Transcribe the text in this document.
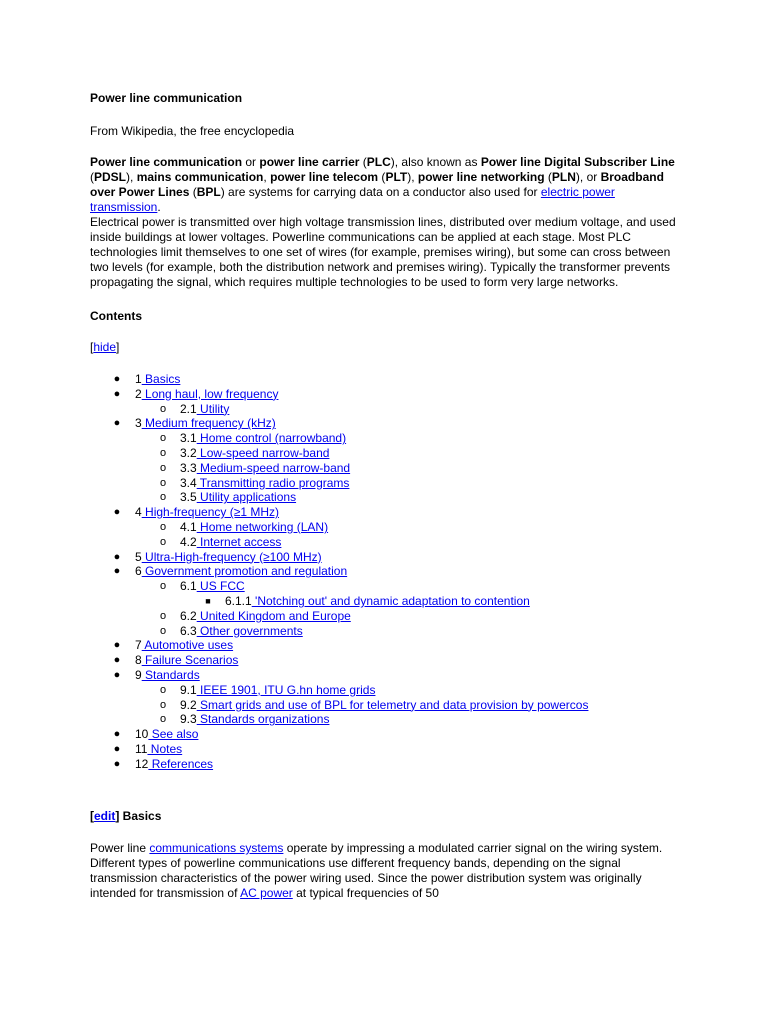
Power line communication
From Wikipedia, the free encyclopedia
Power line communication or power line carrier (PLC), also known as Power line Digital Subscriber Line (PDSL), mains communication, power line telecom (PLT), power line networking (PLN), or Broadband over Power Lines (BPL) are systems for carrying data on a conductor also used for electric power transmission.
Electrical power is transmitted over high voltage transmission lines, distributed over medium voltage, and used inside buildings at lower voltages. Powerline communications can be applied at each stage. Most PLC technologies limit themselves to one set of wires (for example, premises wiring), but some can cross between two levels (for example, both the distribution network and premises wiring). Typically the transformer prevents propagating the signal, which requires multiple technologies to be used to form very large networks.
Contents
[hide]
● 1 Basics
● 2 Long haul, low frequency
o 2.1 Utility
● 3 Medium frequency (kHz)
o 3.1 Home control (narrowband)
o 3.2 Low-speed narrow-band
o 3.3 Medium-speed narrow-band
o 3.4 Transmitting radio programs
o 3.5 Utility applications
● 4 High-frequency (≥1 MHz)
o 4.1 Home networking (LAN)
o 4.2 Internet access
● 5 Ultra-High-frequency (≥100 MHz)
● 6 Government promotion and regulation
o 6.1 US FCC
■ 6.1.1 'Notching out' and dynamic adaptation to contention
o 6.2 United Kingdom and Europe
o 6.3 Other governments
● 7 Automotive uses
● 8 Failure Scenarios
● 9 Standards
o 9.1 IEEE 1901, ITU G.hn home grids
o 9.2 Smart grids and use of BPL for telemetry and data provision by powercos
o 9.3 Standards organizations
● 10 See also
● 11 Notes
● 12 References
[edit] Basics
Power line communications systems operate by impressing a modulated carrier signal on the wiring system. Different types of powerline communications use different frequency bands, depending on the signal transmission characteristics of the power wiring used. Since the power distribution system was originally intended for transmission of AC power at typical frequencies of 50
